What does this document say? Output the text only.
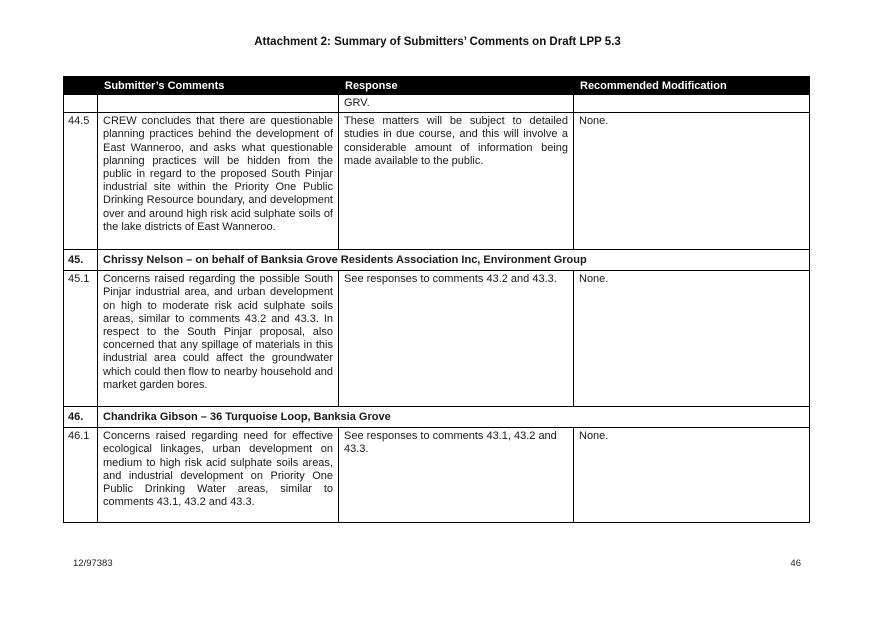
Attachment 2: Summary of Submitters’ Comments on Draft LPP 5.3
	Submitter’s Comments	Response	Recommended Modification
		GRV.	
44.5	CREW concludes that there are questionable planning practices behind the development of East Wanneroo, and asks what questionable planning practices will be hidden from the public in regard to the proposed South Pinjar industrial site within the Priority One Public Drinking Resource boundary, and development over and around high risk acid sulphate soils of the lake districts of East Wanneroo.	These matters will be subject to detailed studies in due course, and this will involve a considerable amount of information being made available to the public.	None.
45.	Chrissy Nelson – on behalf of Banksia Grove Residents Association Inc, Environment Group		
45.1	Concerns raised regarding the possible South Pinjar industrial area, and urban development on high to moderate risk acid sulphate soils areas, similar to comments 43.2 and 43.3. In respect to the South Pinjar proposal, also concerned that any spillage of materials in this industrial area could affect the groundwater which could then flow to nearby household and market garden bores.	See responses to comments 43.2 and 43.3.	None.
46.	Chandrika Gibson – 36 Turquoise Loop, Banksia Grove		
46.1	Concerns raised regarding need for effective ecological linkages, urban development on medium to high risk acid sulphate soils areas, and industrial development on Priority One Public Drinking Water areas, similar to comments 43.1, 43.2 and 43.3.	See responses to comments 43.1, 43.2 and 43.3.	None.
12/97383	46
